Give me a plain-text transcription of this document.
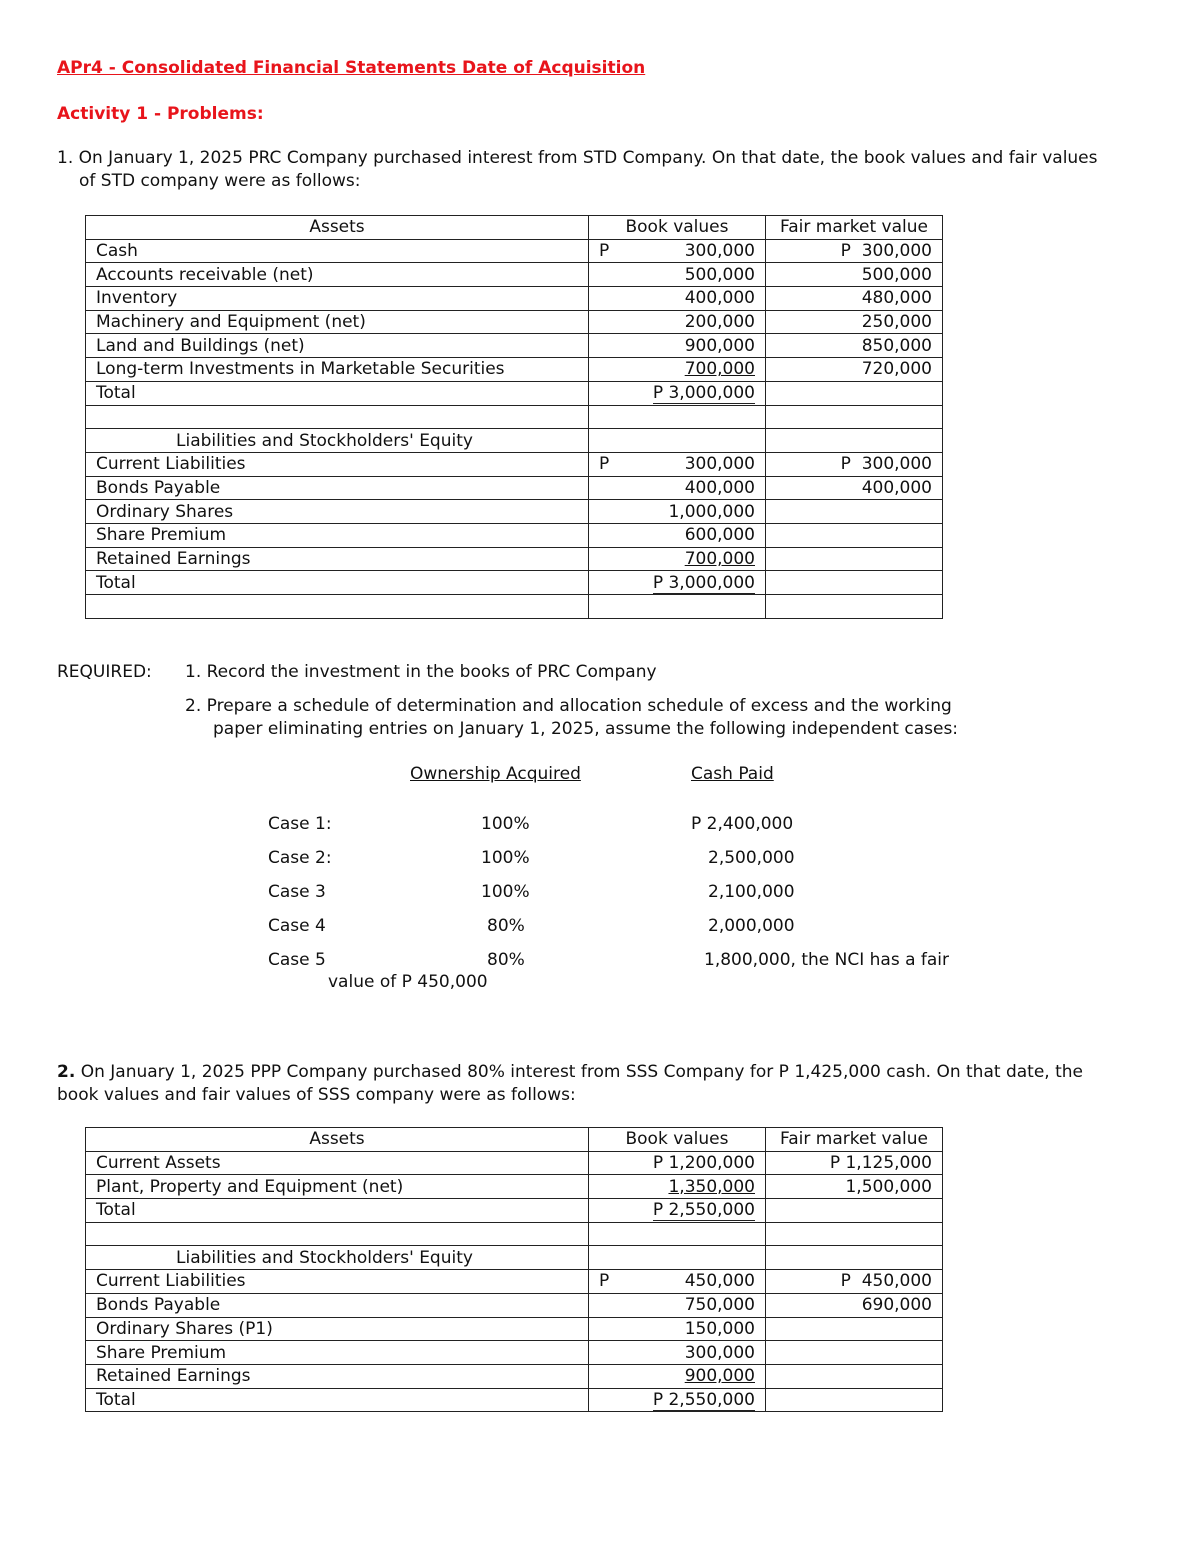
APr4 - Consolidated Financial Statements Date of Acquisition
Activity 1 - Problems:
1. On January 1, 2025 PRC Company purchased interest from STD Company. On that date, the book values and fair values
of STD company were as follows:
Assets	Book values	Fair market value
Cash	P 300,000	P 300,000
Accounts receivable (net)	500,000	500,000
Inventory	400,000	480,000
Machinery and Equipment (net)	200,000	250,000
Land and Buildings (net)	900,000	850,000
Long-term Investments in Marketable Securities	700,000	720,000
Total	P 3,000,000	

Liabilities and Stockholders' Equity		
Current Liabilities	P 300,000	P 300,000
Bonds Payable	400,000	400,000
Ordinary Shares	1,000,000	
Share Premium	600,000	
Retained Earnings	700,000	
Total	P 3,000,000	

REQUIRED: 1. Record the investment in the books of PRC Company
2. Prepare a schedule of determination and allocation schedule of excess and the working
paper eliminating entries on January 1, 2025, assume the following independent cases:
Ownership Acquired	Cash Paid
Case 1:	100%	P 2,400,000
Case 2:	100%	2,500,000
Case 3	100%	2,100,000
Case 4	80%	2,000,000
Case 5	80%	1,800,000, the NCI has a fair
value of P 450,000
2. On January 1, 2025 PPP Company purchased 80% interest from SSS Company for P 1,425,000 cash. On that date, the
book values and fair values of SSS company were as follows:
Assets	Book values	Fair market value
Current Assets	P 1,200,000	P 1,125,000
Plant, Property and Equipment (net)	1,350,000	1,500,000
Total	P 2,550,000	

Liabilities and Stockholders' Equity		
Current Liabilities	P 450,000	P 450,000
Bonds Payable	750,000	690,000
Ordinary Shares (P1)	150,000	
Share Premium	300,000	
Retained Earnings	900,000	
Total	P 2,550,000	
